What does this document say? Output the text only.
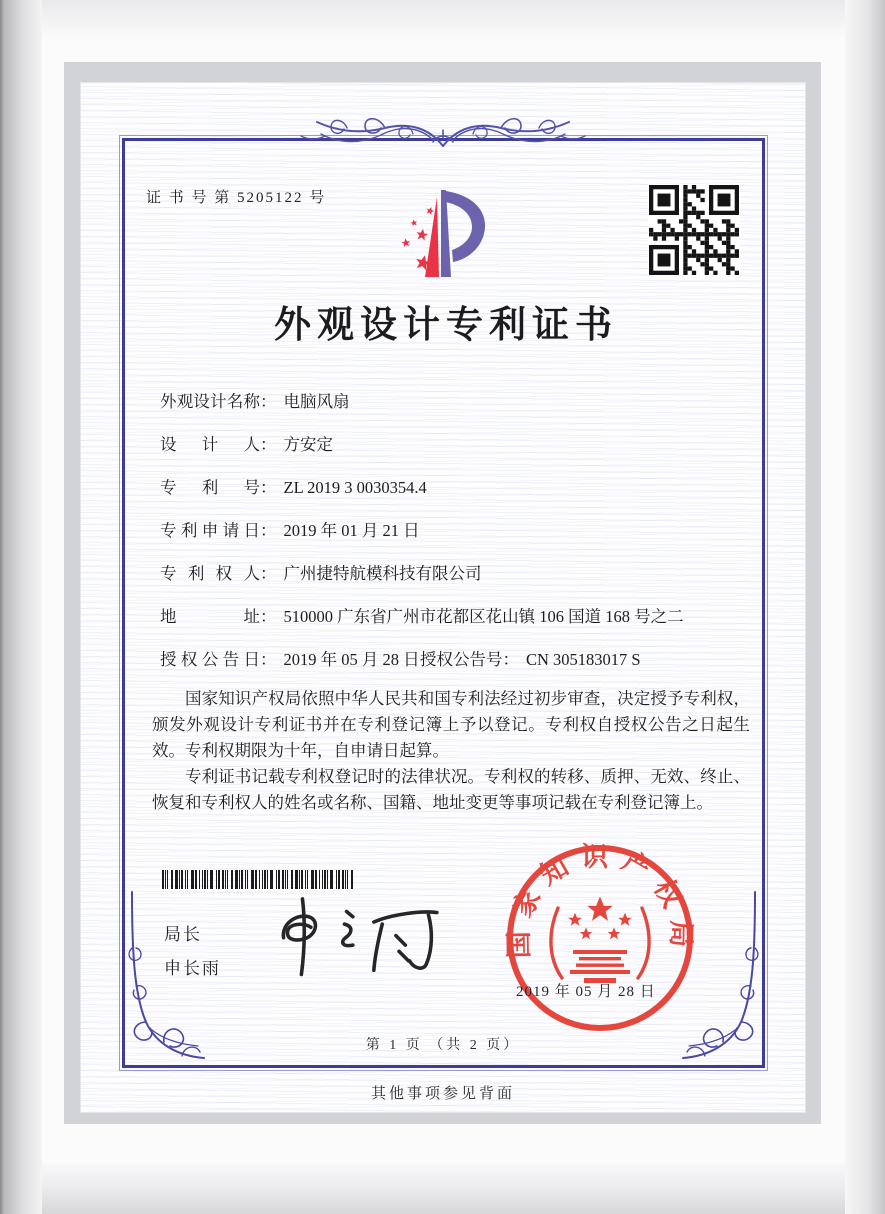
证 书 号 第 5205122 号
外观设计专利证书
外观设计名称： 电脑风扇
设 计 人： 方安定
专 利 号： ZL 2019 3 0030354.4
专利申请日： 2019 年 01 月 21 日
专 利 权 人： 广州捷特航模科技有限公司
地 址： 510000 广东省广州市花都区花山镇 106 国道 168 号之二
授权公告日： 2019 年 05 月 28 日 授权公告号： CN 305183017 S

国家知识产权局依照中华人民共和国专利法经过初步审查，决定授予专利权，颁发外观设计专利证书并在专利登记簿上予以登记。专利权自授权公告之日起生效。专利权期限为十年，自申请日起算。

专利证书记载专利权登记时的法律状况。专利权的转移、质押、无效、终止、恢复和专利权人的姓名或名称、国籍、地址变更等事项记载在专利登记簿上。

局长
申长雨
国家知识产权局
2019 年 05 月 28 日
第 1 页 （共 2 页）
其他事项参见背面
